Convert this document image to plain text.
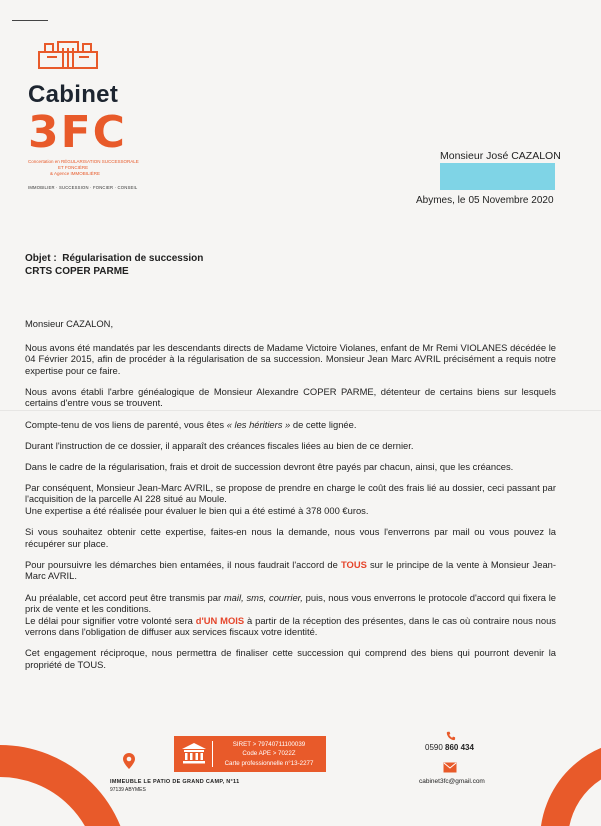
Cabinet
3FC
Concertation en RÉGULARISATION SUCCESSORALE
ET FONCIÈRE
& Agence IMMOBILIÈRE
IMMOBILIER · SUCCESSION · FONCIER · CONSEIL
Monsieur José CAZALON
Abymes, le 05 Novembre 2020
Objet : Régularisation de succession
CRTS COPER PARME

Monsieur CAZALON,

Nous avons été mandatés par les descendants directs de Madame Victoire Violanes, enfant de Mr Remi VIOLANES décédée le 04 Février 2015, afin de procéder à la régularisation de sa succession. Monsieur Jean Marc AVRIL précisément a requis notre expertise pour ce faire.

Nous avons établi l'arbre généalogique de Monsieur Alexandre COPER PARME, détenteur de certains biens sur lesquels certains d'entre vous se trouvent.

Compte-tenu de vos liens de parenté, vous êtes « les héritiers » de cette lignée.

Durant l'instruction de ce dossier, il apparaît des créances fiscales liées au bien de ce dernier.

Dans le cadre de la régularisation, frais et droit de succession devront être payés par chacun, ainsi, que les créances.

Par conséquent, Monsieur Jean-Marc AVRIL, se propose de prendre en charge le coût des frais lié au dossier, ceci passant par l'acquisition de la parcelle AI 228 situé au Moule.

Une expertise a été réalisée pour évaluer le bien qui a été estimé à 378 000 €uros.

Si vous souhaitez obtenir cette expertise, faites-en nous la demande, nous vous l'enverrons par mail ou vous pouvez la récupérer sur place.

Pour poursuivre les démarches bien entamées, il nous faudrait l'accord de TOUS sur le principe de la vente à Monsieur Jean-Marc AVRIL.

Au préalable, cet accord peut être transmis par mail, sms, courrier, puis, nous vous enverrons le protocole d'accord qui fixera le prix de vente et les conditions.

Le délai pour signifier votre volonté sera d'UN MOIS à partir de la réception des présentes, dans le cas où contraire nous nous verrons dans l'obligation de diffuser aux services fiscaux votre identité.

Cet engagement réciproque, nous permettra de finaliser cette succession qui comprend des biens qui pourront devenir la propriété de TOUS.

IMMEUBLE LE PATIO DE GRAND CAMP, N°11
97139 ABYMES
SIRET > 79740711100039
Code APE > 7022Z
Carte professionnelle n°13-2277
0590 860 434
cabinet3fc@gmail.com
